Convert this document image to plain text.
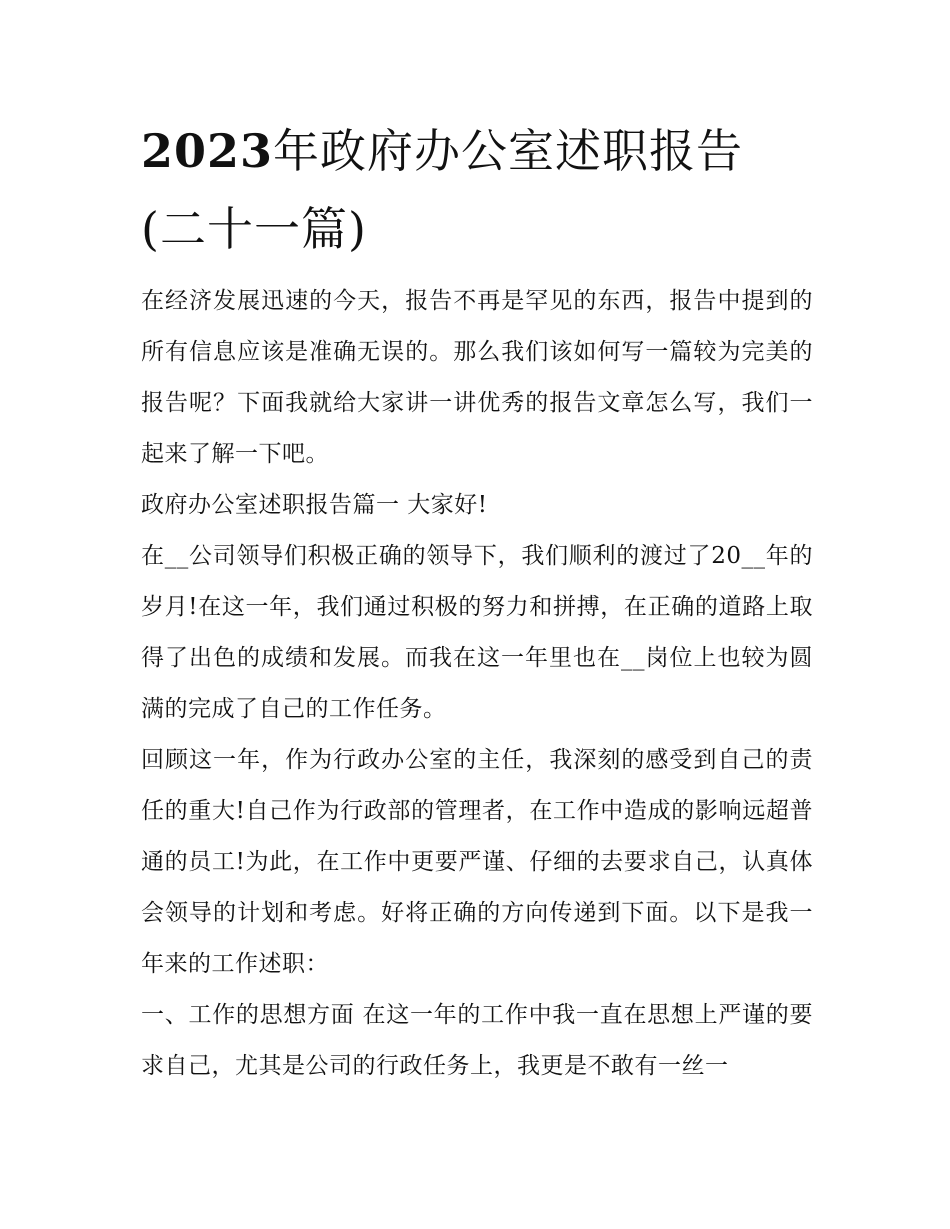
2023年政府办公室述职报告
(二十一篇)

在经济发展迅速的今天，报告不再是罕见的东西，报告中提到的所有信息应该是准确无误的。那么我们该如何写一篇较为完美的报告呢？下面我就给大家讲一讲优秀的报告文章怎么写，我们一起来了解一下吧。

政府办公室述职报告篇一 大家好!

在__公司领导们积极正确的领导下，我们顺利的渡过了20__年的岁月!在这一年，我们通过积极的努力和拼搏，在正确的道路上取得了出色的成绩和发展。而我在这一年里也在__岗位上也较为圆满的完成了自己的工作任务。

回顾这一年，作为行政办公室的主任，我深刻的感受到自己的责任的重大!自己作为行政部的管理者，在工作中造成的影响远超普通的员工!为此，在工作中更要严谨、仔细的去要求自己，认真体会领导的计划和考虑。好将正确的方向传递到下面。以下是我一年来的工作述职：

一、工作的思想方面 在这一年的工作中我一直在思想上严谨的要求自己，尤其是公司的行政任务上，我更是不敢有一丝一
